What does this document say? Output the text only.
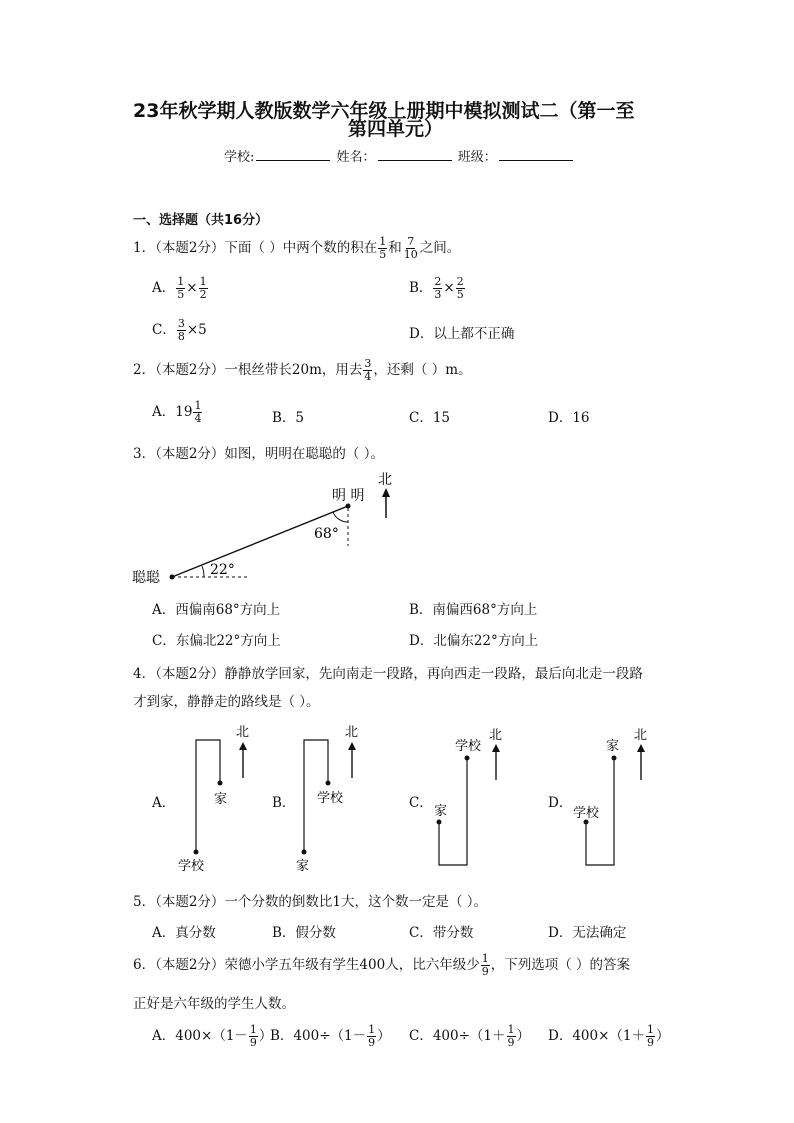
23年秋学期人教版数学六年级上册期中模拟测试二（第一至
第四单元）
学校:	姓名：	班级：
一、选择题（共16分）
1．（本题2分）下面（ ）中两个数的积在 $\frac{1}{5}$ 和 $\frac{7}{10}$ 之间。
A． $\frac{1}{5} \times \frac{1}{2}$	B． $\frac{2}{3} \times \frac{2}{5}$
C． $\frac{3}{8} \times 5$	D．以上都不正确
2．（本题2分）一根丝带长20m，用去 $\frac{3}{4}$ ，还剩（ ）m。
A．$19 \frac{1}{4}$	B．5	C．15	D．16
3．（本题2分）如图，明明在聪聪的（ ）。
北
明 明
68°
22°
聪聪
A．西偏南68°方向上	B．南偏西68°方向上
C．东偏北22°方向上	D．北偏东22°方向上
4．（本题2分）静静放学回家，先向南走一段路，再向西走一段路，最后向北走一段路
才到家，静静走的路线是（ ）。
A．
北
家
学校
B．
北
学校
家
C．
北
学校
家
D．
北
家
学校
5．（本题2分）一个分数的倒数比1大，这个数一定是（ ）。
A．真分数	B．假分数	C．带分数	D．无法确定
6．（本题2分）荣德小学五年级有学生400人，比六年级少 $\frac{1}{9}$ ，下列选项（ ）的答案
正好是六年级的学生人数。
A．$400\times(1- \frac{1}{9}$ ）
B．$400\div(1- \frac{1}{9}$ ） C．$400\div(1+ \frac{1}{9}$ ） D．$400\times(1+ \frac{1}{9}$ ）
